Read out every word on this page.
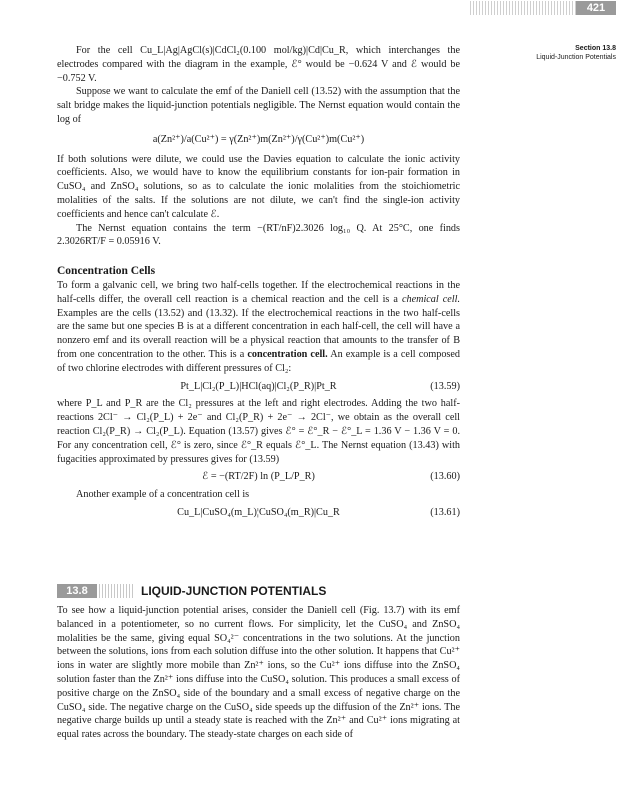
421
Section 13.8
Liquid-Junction Potentials

For the cell Cu_L|Ag|AgCl(s)|CdCl₂(0.100 mol/kg)|Cd|Cu_R, which interchanges the electrodes compared with the diagram in the example, ℰ° would be −0.624 V and ℰ would be −0.752 V.

Suppose we want to calculate the emf of the Daniell cell (13.52) with the assumption that the salt bridge makes the liquid-junction potentials negligible. The Nernst equation would contain the log of

a(Zn²⁺)/a(Cu²⁺) = γ(Zn²⁺)m(Zn²⁺)/γ(Cu²⁺)m(Cu²⁺)

If both solutions were dilute, we could use the Davies equation to calculate the ionic activity coefficients. Also, we would have to know the equilibrium constants for ion-pair formation in CuSO₄ and ZnSO₄ solutions, so as to calculate the ionic molalities from the stoichiometric molalities of the salts. If the solutions are not dilute, we can't find the single-ion activity coefficients and hence can't calculate ℰ.

The Nernst equation contains the term −(RT/nF)2.3026 log₁₀ Q. At 25°C, one finds 2.3026RT/F = 0.05916 V.

Concentration Cells

To form a galvanic cell, we bring two half-cells together. If the electrochemical reactions in the half-cells differ, the overall cell reaction is a chemical reaction and the cell is a chemical cell. Examples are the cells (13.52) and (13.32). If the electrochemical reactions in the two half-cells are the same but one species B is at a different concentration in each half-cell, the cell will have a nonzero emf and its overall reaction will be a physical reaction that amounts to the transfer of B from one concentration to the other. This is a concentration cell. An example is a cell composed of two chlorine electrodes with different pressures of Cl₂:

Pt_L|Cl₂(P_L)|HCl(aq)|Cl₂(P_R)|Pt_R	(13.59)

where P_L and P_R are the Cl₂ pressures at the left and right electrodes. Adding the two half-reactions 2Cl⁻ → Cl₂(P_L) + 2e⁻ and Cl₂(P_R) + 2e⁻ → 2Cl⁻, we obtain as the overall cell reaction Cl₂(P_R) → Cl₂(P_L). Equation (13.57) gives ℰ° = ℰ°_R − ℰ°_L = 1.36 V − 1.36 V = 0. For any concentration cell, ℰ° is zero, since ℰ°_R equals ℰ°_L. The Nernst equation (13.43) with fugacities approximated by pressures gives for (13.59)

ℰ = −(RT/2F) ln (P_L/P_R)	(13.60)

Another example of a concentration cell is

Cu_L|CuSO₄(m_L)¦CuSO₄(m_R)|Cu_R	(13.61)

13.8	LIQUID-JUNCTION POTENTIALS

To see how a liquid-junction potential arises, consider the Daniell cell (Fig. 13.7) with its emf balanced in a potentiometer, so no current flows. For simplicity, let the CuSO₄ and ZnSO₄ molalities be the same, giving equal SO₄²⁻ concentrations in the two solutions. At the junction between the solutions, ions from each solution diffuse into the other solution. It happens that Cu²⁺ ions in water are slightly more mobile than Zn²⁺ ions, so the Cu²⁺ ions diffuse into the ZnSO₄ solution faster than the Zn²⁺ ions diffuse into the CuSO₄ solution. This produces a small excess of positive charge on the ZnSO₄ side of the boundary and a small excess of negative charge on the CuSO₄ side. The negative charge on the CuSO₄ side speeds up the diffusion of the Zn²⁺ ions. The negative charge builds up until a steady state is reached with the Zn²⁺ and Cu²⁺ ions migrating at equal rates across the boundary. The steady-state charges on each side of
